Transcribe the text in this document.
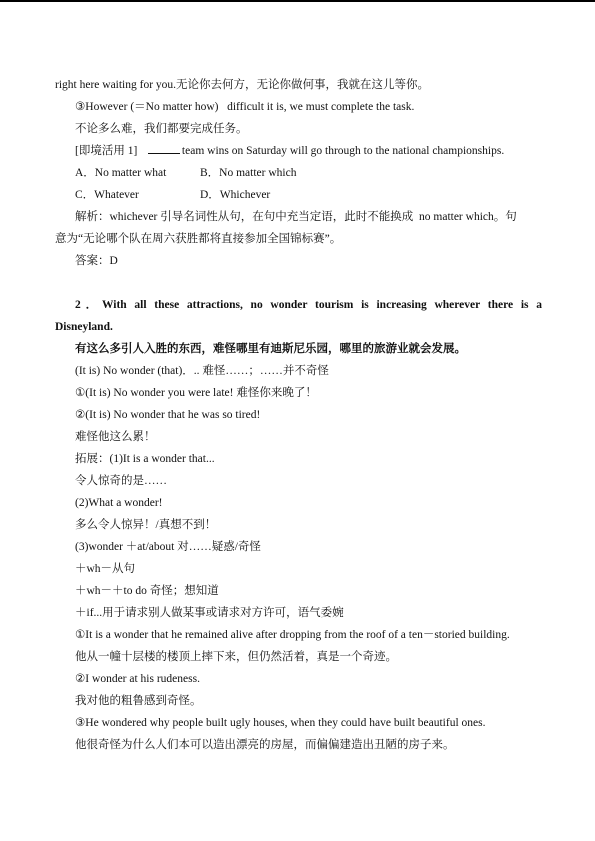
right here waiting for you.无论你去何方，无论你做何事，我就在这儿等你。
③However (＝No matter how)   difficult it is, we must complete the task.
不论多么难，我们都要完成任务。
[即境活用 1]	team wins on Saturday will go through to the national championships.
A．No matter what	B．No matter which
C．Whatever	D．Whichever
解析：whichever 引导名词性从句，在句中充当定语，此时不能换成  no matter which。句
意为“无论哪个队在周六获胜都将直接参加全国锦标赛”。
答案：D
2．With all these attractions, no wonder tourism is increasing wherever there is a
Disneyland.
有这么多引人入胜的东西，难怪哪里有迪斯尼乐园，哪里的旅游业就会发展。
(It is) No wonder (that)．.. 难怪……；……并不奇怪
①(It is) No wonder you were late! 难怪你来晚了！
②(It is) No wonder that he was so tired!
难怪他这么累！
拓展：(1)It is a wonder that...
令人惊奇的是……
(2)What a wonder!
多么令人惊异！/真想不到！
(3)wonder ＋at/about 对……疑惑/奇怪
＋wh－从句
＋wh－＋to do 奇怪；想知道
＋if...用于请求别人做某事或请求对方许可，语气委婉
①It is a wonder that he remained alive after dropping from the roof of a ten－storied building.
他从一幢十层楼的楼顶上摔下来，但仍然活着，真是一个奇迹。
②I wonder at his rudeness.
我对他的粗鲁感到奇怪。
③He wondered why people built ugly houses, when they could have built beautiful ones.
他很奇怪为什么人们本可以造出漂亮的房屋，而偏偏建造出丑陋的房子来。
